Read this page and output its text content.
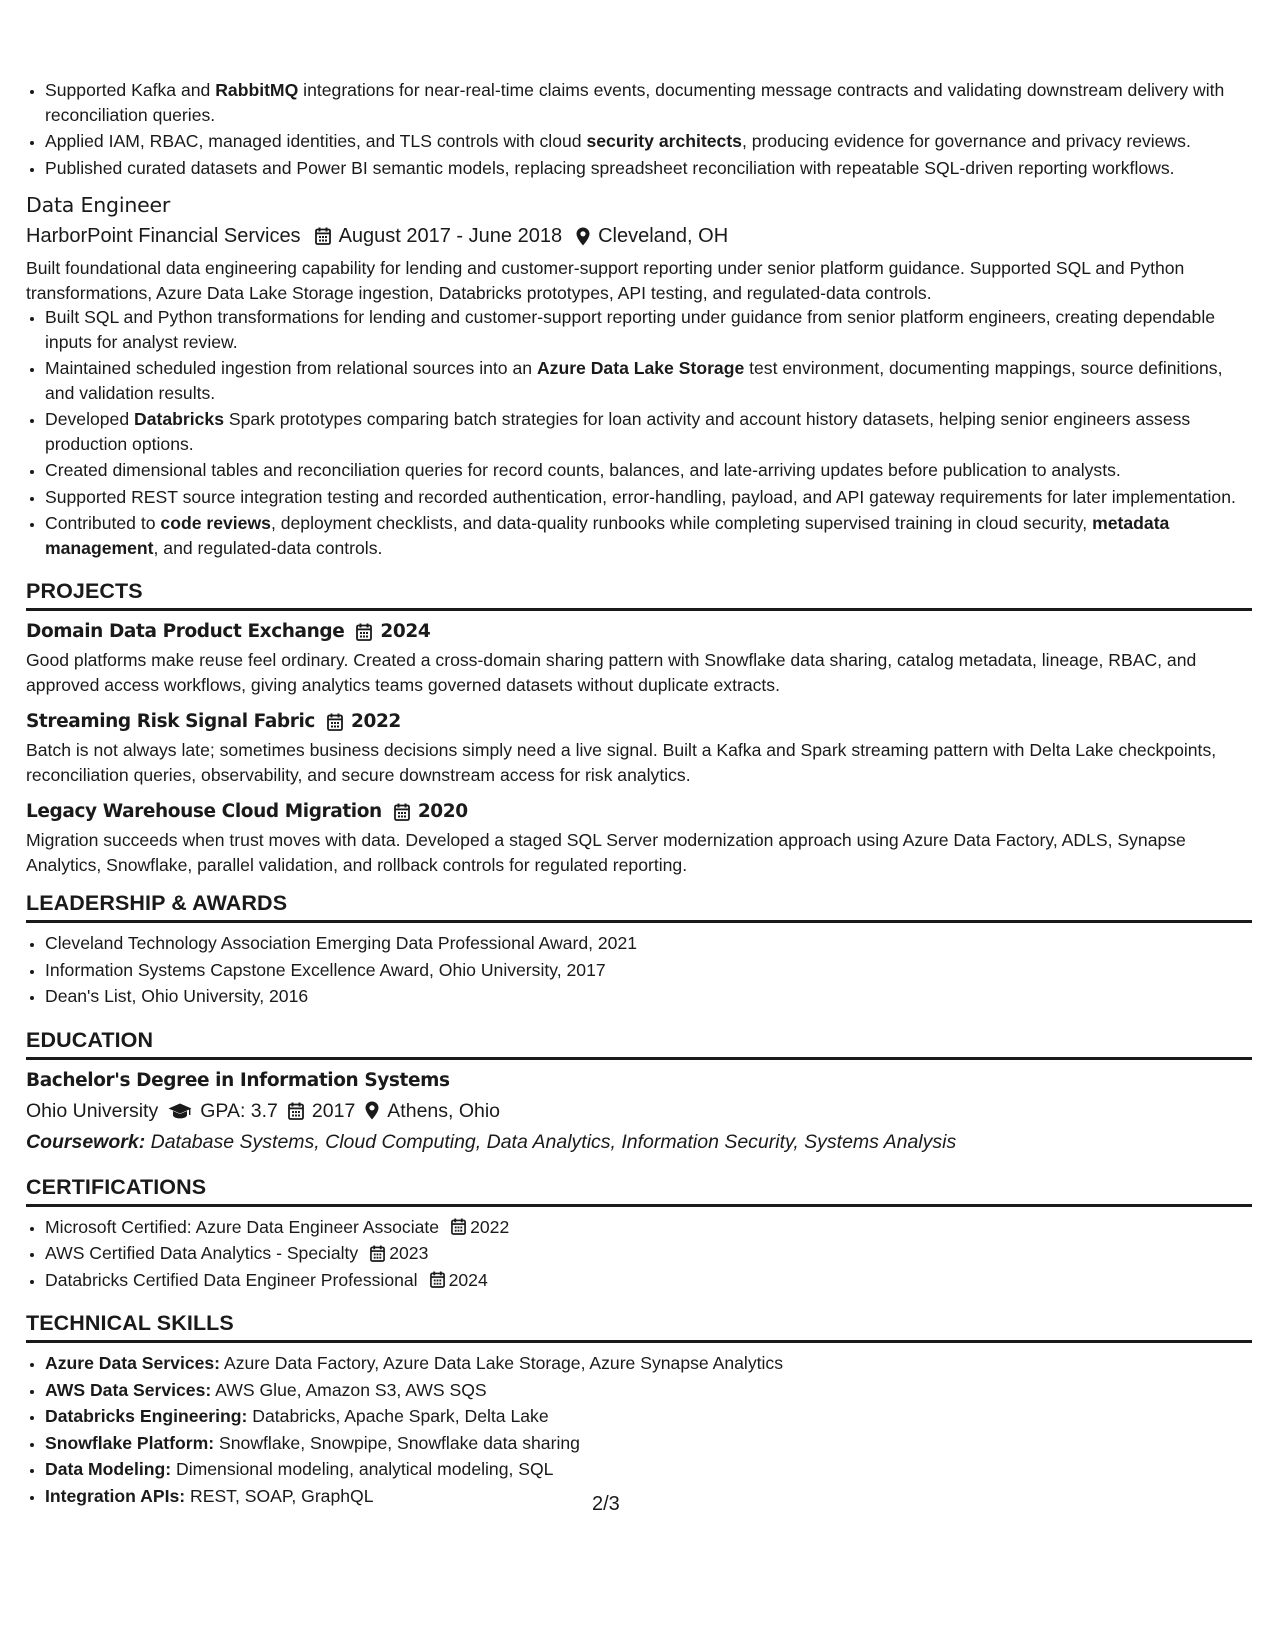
• Supported Kafka and RabbitMQ integrations for near-real-time claims events, documenting message contracts and validating downstream delivery with reconciliation queries.
• Applied IAM, RBAC, managed identities, and TLS controls with cloud security architects, producing evidence for governance and privacy reviews.
• Published curated datasets and Power BI semantic models, replacing spreadsheet reconciliation with repeatable SQL-driven reporting workflows.
Data Engineer
HarborPoint Financial Services August 2017 - June 2018 Cleveland, OH
Built foundational data engineering capability for lending and customer-support reporting under senior platform guidance. Supported SQL and Python transformations, Azure Data Lake Storage ingestion, Databricks prototypes, API testing, and regulated-data controls.
• Built SQL and Python transformations for lending and customer-support reporting under guidance from senior platform engineers, creating dependable inputs for analyst review.
• Maintained scheduled ingestion from relational sources into an Azure Data Lake Storage test environment, documenting mappings, source definitions, and validation results.
• Developed Databricks Spark prototypes comparing batch strategies for loan activity and account history datasets, helping senior engineers assess production options.
• Created dimensional tables and reconciliation queries for record counts, balances, and late-arriving updates before publication to analysts.
• Supported REST source integration testing and recorded authentication, error-handling, payload, and API gateway requirements for later implementation.
• Contributed to code reviews, deployment checklists, and data-quality runbooks while completing supervised training in cloud security, metadata management, and regulated-data controls.
PROJECTS
Domain Data Product Exchange 2024
Good platforms make reuse feel ordinary. Created a cross-domain sharing pattern with Snowflake data sharing, catalog metadata, lineage, RBAC, and approved access workflows, giving analytics teams governed datasets without duplicate extracts.
Streaming Risk Signal Fabric 2022
Batch is not always late; sometimes business decisions simply need a live signal. Built a Kafka and Spark streaming pattern with Delta Lake checkpoints, reconciliation queries, observability, and secure downstream access for risk analytics.
Legacy Warehouse Cloud Migration 2020
Migration succeeds when trust moves with data. Developed a staged SQL Server modernization approach using Azure Data Factory, ADLS, Synapse Analytics, Snowflake, parallel validation, and rollback controls for regulated reporting.
LEADERSHIP & AWARDS
• Cleveland Technology Association Emerging Data Professional Award, 2021
• Information Systems Capstone Excellence Award, Ohio University, 2017
• Dean's List, Ohio University, 2016
EDUCATION
Bachelor's Degree in Information Systems
Ohio University GPA: 3.7 2017 Athens, Ohio
Coursework: Database Systems, Cloud Computing, Data Analytics, Information Security, Systems Analysis
CERTIFICATIONS
• Microsoft Certified: Azure Data Engineer Associate 2022
• AWS Certified Data Analytics - Specialty 2023
• Databricks Certified Data Engineer Professional 2024
TECHNICAL SKILLS
• Azure Data Services: Azure Data Factory, Azure Data Lake Storage, Azure Synapse Analytics
• AWS Data Services: AWS Glue, Amazon S3, AWS SQS
• Databricks Engineering: Databricks, Apache Spark, Delta Lake
• Snowflake Platform: Snowflake, Snowpipe, Snowflake data sharing
• Data Modeling: Dimensional modeling, analytical modeling, SQL
• Integration APIs: REST, SOAP, GraphQL	2/3
